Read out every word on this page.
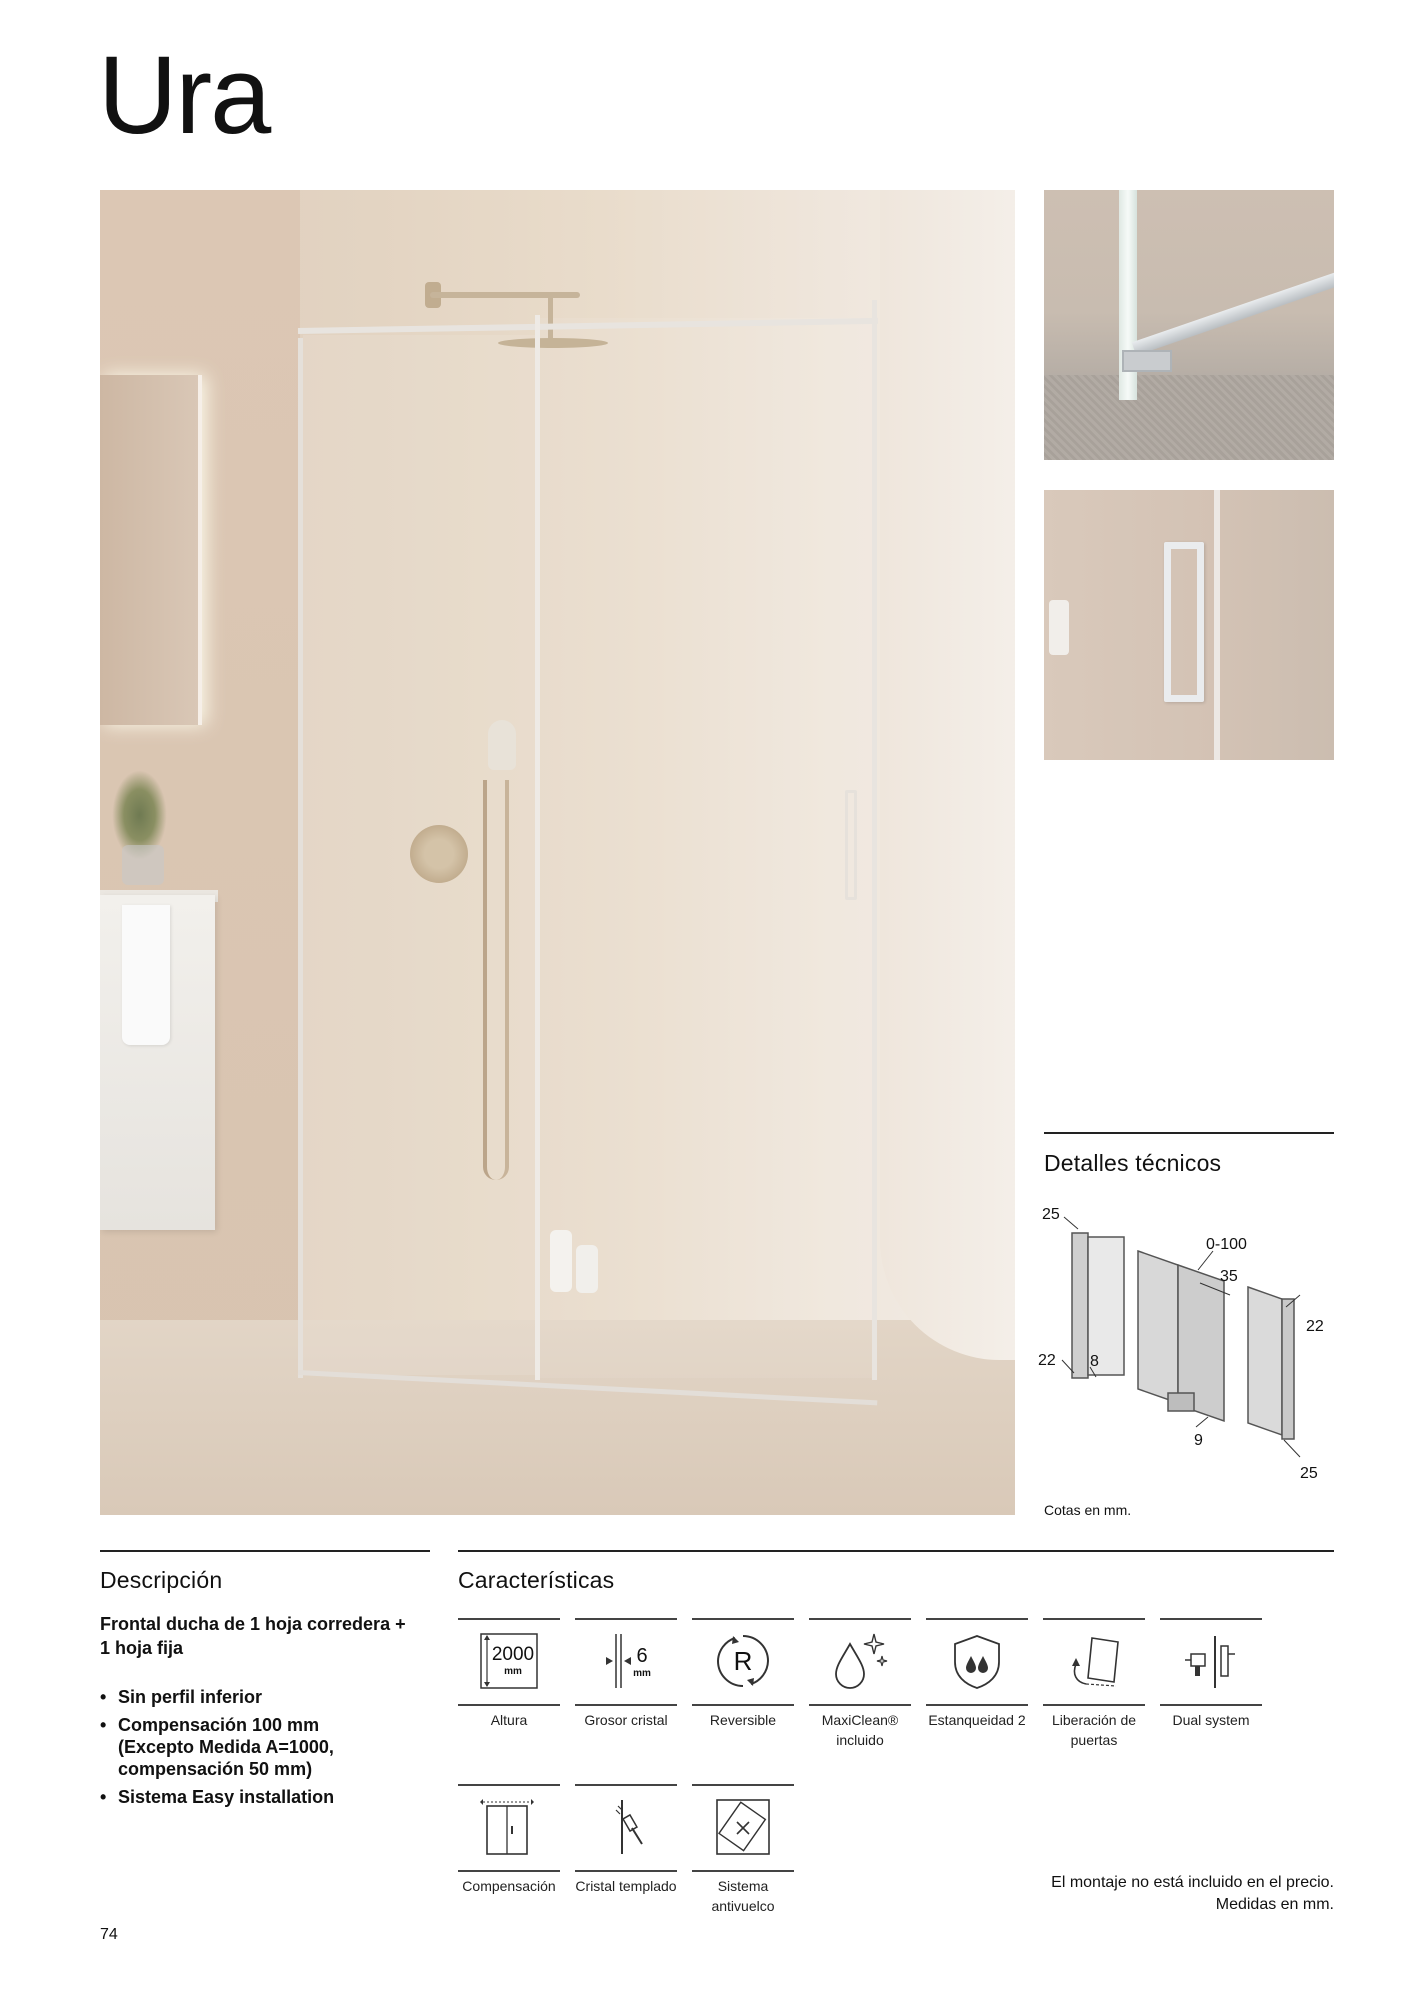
Ura
Detalles técnicos
25
0-100
35
22
22 8
9
25
Cotas en mm.
Descripción
Frontal ducha de 1 hoja corredera + 1 hoja fija
• Sin perfil inferior
• Compensación 100 mm (Excepto Medida A=1000, compensación 50 mm)
• Sistema Easy installation
Características
2000
mm
Altura
6
mm
Grosor cristal
R
Reversible	MaxiClean® incluido
Estanqueidad 2	Liberación de puertas
Dual system
Compensación	Cristal templado	Sistema antivuelco
El montaje no está incluido en el precio.
Medidas en mm.
74
